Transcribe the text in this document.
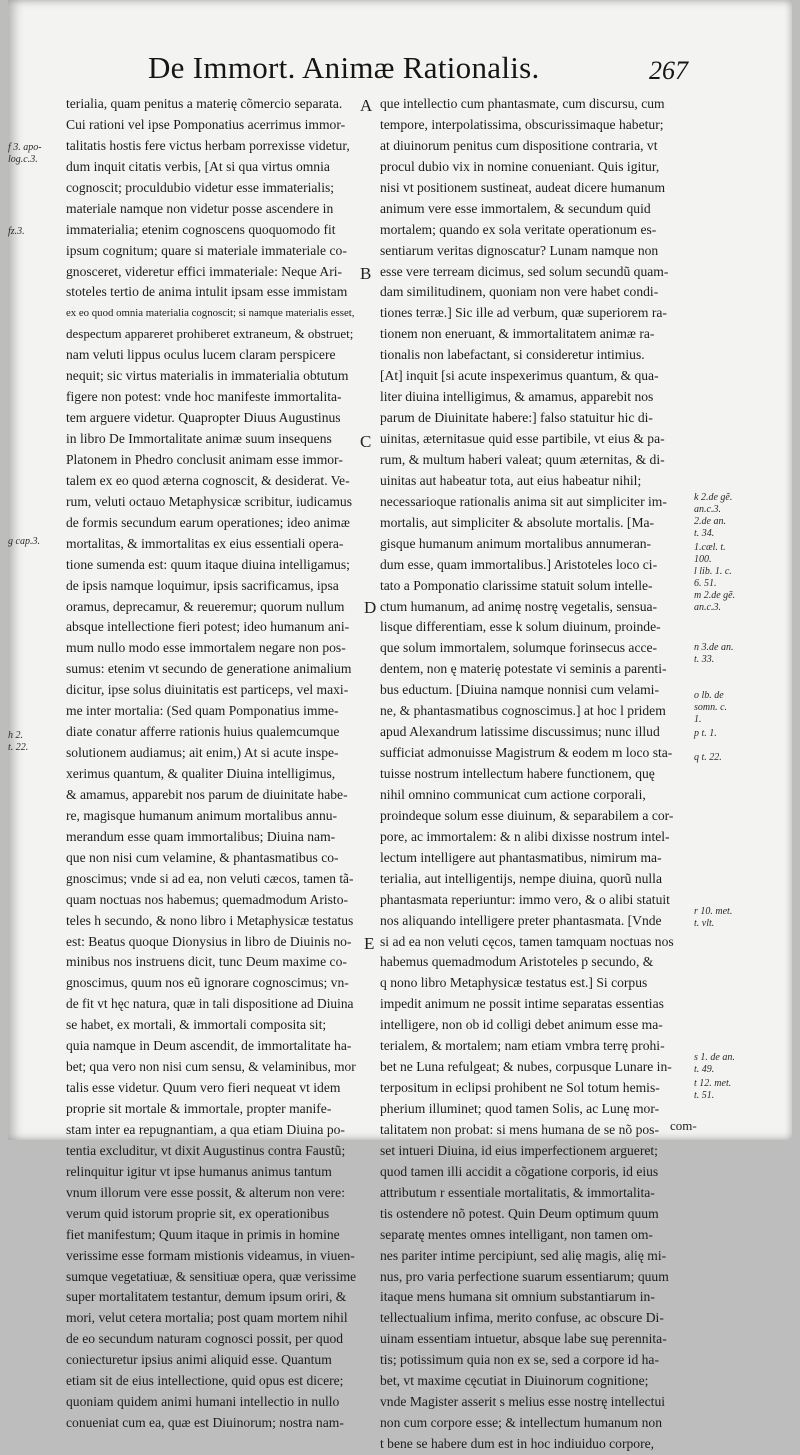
De Immort. Animæ Rationalis.	267
terialia, quam penitus a materię cõmercio separata.
Cui rationi vel ipse Pomponatius acerrimus immor-
talitatis hostis fere victus herbam porrexisse videtur,
dum inquit citatis verbis, [At si qua virtus omnia
cognoscit; proculdubio videtur esse immaterialis;
materiale namque non videtur posse ascendere in
immaterialia; etenim cognoscens quoquomodo fit
ipsum cognitum; quare si materiale immateriale co-
gnosceret, videretur effici immateriale: Neque Ari-
stoteles tertio de anima intulit ipsam esse immistam
ex eo quod omnia materialia cognoscit; si namque materialis esset,
despectum appareret prohiberet extraneum, & obstruet;
nam veluti lippus oculus lucem claram perspicere
nequit; sic virtus materialis in immaterialia obtutum
figere non potest: vnde hoc manifeste immortalita-
tem arguere videtur. Quapropter Diuus Augustinus
in libro De Immortalitate animæ suum insequens
Platonem in Phedro conclusit animam esse immor-
talem ex eo quod æterna cognoscit, & desiderat. Ve-
rum, veluti octauo Metaphysicæ scribitur, iudicamus
de formis secundum earum operationes; ideo animæ
mortalitas, & immortalitas ex eius essentiali opera-
tione sumenda est: quum itaque diuina intelligamus;
de ipsis namque loquimur, ipsis sacrificamus, ipsa
oramus, deprecamur, & reueremur; quorum nullum
absque intellectione fieri potest; ideo humanum ani-
mum nullo modo esse immortalem negare non pos-
sumus: etenim vt secundo de generatione animalium
dicitur, ipse solus diuinitatis est particeps, vel maxi-
me inter mortalia: (Sed quam Pomponatius imme-
diate conatur afferre rationis huius qualemcumque
solutionem audiamus; ait enim,) At si acute inspe-
xerimus quantum, & qualiter Diuina intelligimus,
& amamus, apparebit nos parum de diuinitate habe-
re, magisque humanum animum mortalibus annu-
merandum esse quam immortalibus; Diuina nam-
que non nisi cum velamine, & phantasmatibus co-
gnoscimus; vnde si ad ea, non veluti cæcos, tamen tã-
quam noctuas nos habemus; quemadmodum Aristo-
teles h secundo, & nono libro i Metaphysicæ testatus
est: Beatus quoque Dionysius in libro de Diuinis no-
minibus nos instruens dicit, tunc Deum maxime co-
gnoscimus, quum nos eũ ignorare cognoscimus; vn-
de fit vt hęc natura, quæ in tali dispositione ad Diuina
se habet, ex mortali, & immortali composita sit;
quia namque in Deum ascendit, de immortalitate ha-
bet; qua vero non nisi cum sensu, & velaminibus, mor
talis esse videtur. Quum vero fieri nequeat vt idem
proprie sit mortale & immortale, propter manife-
stam inter ea repugnantiam, a qua etiam Diuina po-
tentia excluditur, vt dixit Augustinus contra Faustũ;
relinquitur igitur vt ipse humanus animus tantum
vnum illorum vere esse possit, & alterum non vere:
verum quid istorum proprie sit, ex operationibus
fiet manifestum; Quum itaque in primis in homine
verissime esse formam mistionis videamus, in viuen-
sumque vegetatiuæ, & sensitiuæ opera, quæ verissime
super mortalitatem testantur, demum ipsum oriri, &
mori, velut cetera mortalia; post quam mortem nihil
de eo secundum naturam cognosci possit, per quod
coniecturetur ipsius animi aliquid esse. Quantum
etiam sit de eius intellectione, quid opus est dicere;
quoniam quidem animi humani intellectio in nullo
conueniat cum ea, quæ est Diuinorum; nostra nam-
que intellectio cum phantasmate, cum discursu, cum
tempore, interpolatissima, obscurissimaque habetur;
at diuinorum penitus cum dispositione contraria, vt
procul dubio vix in nomine conueniant. Quis igitur,
nisi vt positionem sustineat, audeat dicere humanum
animum vere esse immortalem, & secundum quid
mortalem; quando ex sola veritate operationum es-
sentiarum veritas dignoscatur? Lunam namque non
esse vere terream dicimus, sed solum secundũ quam-
dam similitudinem, quoniam non vere habet condi-
tiones terræ.] Sic ille ad verbum, quæ superiorem ra-
tionem non eneruant, & immortalitatem animæ ra-
tionalis non labefactant, si consideretur intimius.
[At] inquit [si acute inspexerimus quantum, & qua-
liter diuina intelligimus, & amamus, apparebit nos
parum de Diuinitate habere:] falso statuitur hic di-
uinitas, æternitasue quid esse partibile, vt eius & pa-
rum, & multum haberi valeat; quum æternitas, & di-
uinitas aut habeatur tota, aut eius habeatur nihil;
necessarioque rationalis anima sit aut simpliciter im-
mortalis, aut simpliciter & absolute mortalis. [Ma-
gisque humanum animum mortalibus annumeran-
dum esse, quam immortalibus.] Aristoteles loco ci-
tato a Pomponatio clarissime statuit solum intelle-
ctum humanum, ad animę nostrę vegetalis, sensua-
lisque differentiam, esse k solum diuinum, proinde-
que solum immortalem, solumque forinsecus acce-
dentem, non ę materię potestate vi seminis a parenti-
bus eductum. [Diuina namque nonnisi cum velami-
ne, & phantasmatibus cognoscimus.] at hoc l pridem
apud Alexandrum latissime discussimus; nunc illud
sufficiat admonuisse Magistrum & eodem m loco sta-
tuisse nostrum intellectum habere functionem, quę
nihil omnino communicat cum actione corporali,
proindeque solum esse diuinum, & separabilem a cor-
pore, ac immortalem: & n alibi dixisse nostrum intel-
lectum intelligere aut phantasmatibus, nimirum ma-
terialia, aut intelligentijs, nempe diuina, quorũ nulla
phantasmata reperiuntur: immo vero, & o alibi statuit
nos aliquando intelligere preter phantasmata. [Vnde
si ad ea non veluti cęcos, tamen tamquam noctuas nos
habemus quemadmodum Aristoteles p secundo, &
q nono libro Metaphysicæ testatus est.] Si corpus
impedit animum ne possit intime separatas essentias
intelligere, non ob id colligi debet animum esse ma-
terialem, & mortalem; nam etiam vmbra terrę prohi-
bet ne Luna refulgeat; & nubes, corpusque Lunare in-
terpositum in eclipsi prohibent ne Sol totum hemis-
pherium illuminet; quod tamen Solis, ac Lunę mor-
talitatem non probat: si mens humana de se nõ pos-
set intueri Diuina, id eius imperfectionem argueret;
quod tamen illi accidit a cõgatione corporis, id eius
attributum r essentiale mortalitatis, & immortalita-
tis ostendere nõ potest. Quin Deum optimum quum
separatę mentes omnes intelligant, non tamen om-
nes pariter intime percipiunt, sed alię magis, alię mi-
nus, pro varia perfectione suarum essentiarum; quum
itaque mens humana sit omnium substantiarum in-
tellectualium infima, merito confuse, ac obscure Di-
uinam essentiam intuetur, absque labe suę perennita-
tis; potissimum quia non ex se, sed a corpore id ha-
bet, vt maxime cęcutiat in Diuinorum cognitione;
vnde Magister asserit s melius esse nostrę intellectui
non cum corpore esse; & intellectum humanum non
t bene se habere dum est in hoc indiuiduo corpore,
A
B
C
D
E
f 3. apo-
log.c.3.
fz.3.
g cap.3.
h 2.
t. 22.
k 2.de gẽ.
an.c.3.
2.de an.
t. 34.
1.cæl. t.
100.
l lib. 1. c.
6. 51.
m 2.de gẽ.
an.c.3.
n 3.de an.
t. 33.
o lb. de
somn. c.
1.
p t. 1.
q t. 22.
r 10. met.
t. vlt.
s 1. de an.
t. 49.
t 12. met.
t. 51.
com-
